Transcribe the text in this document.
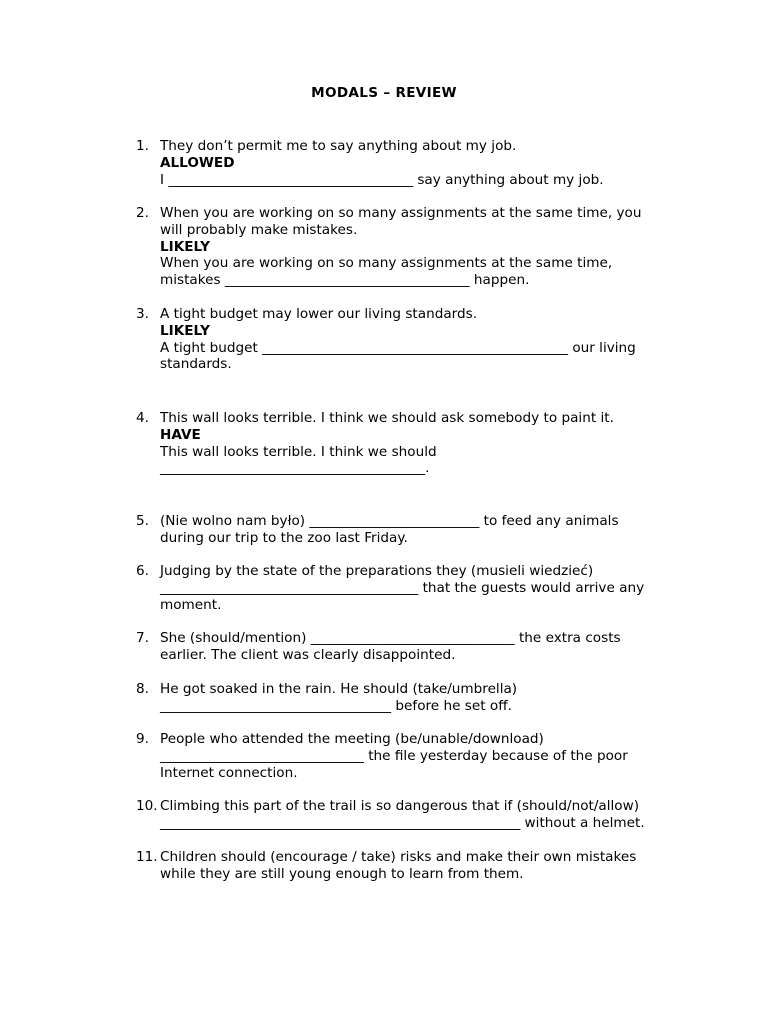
MODALS – REVIEW
1. They don’t permit me to say anything about my job.
ALLOWED
I ____________________________________ say anything about my job.
2. When you are working on so many assignments at the same time, you
will probably make mistakes.
LIKELY
When you are working on so many assignments at the same time,
mistakes ____________________________________ happen.
3. A tight budget may lower our living standards.
LIKELY
A tight budget _____________________________________________ our living
standards.
4. This wall looks terrible. I think we should ask somebody to paint it.
HAVE
This wall looks terrible. I think we should
_______________________________________.
5. (Nie wolno nam było) _________________________ to feed any animals
during our trip to the zoo last Friday.
6. Judging by the state of the preparations they (musieli wiedzieć)
______________________________________ that the guests would arrive any
moment.
7. She (should/mention) ______________________________ the extra costs
earlier. The client was clearly disappointed.
8. He got soaked in the rain. He should (take/umbrella)
__________________________________ before he set off.
9. People who attended the meeting (be/unable/download)
______________________________ the file yesterday because of the poor
Internet connection.
10. Climbing this part of the trail is so dangerous that if (should/not/allow)
_____________________________________________________ without a helmet.
11. Children should (encourage / take) risks and make their own mistakes
while they are still young enough to learn from them.
